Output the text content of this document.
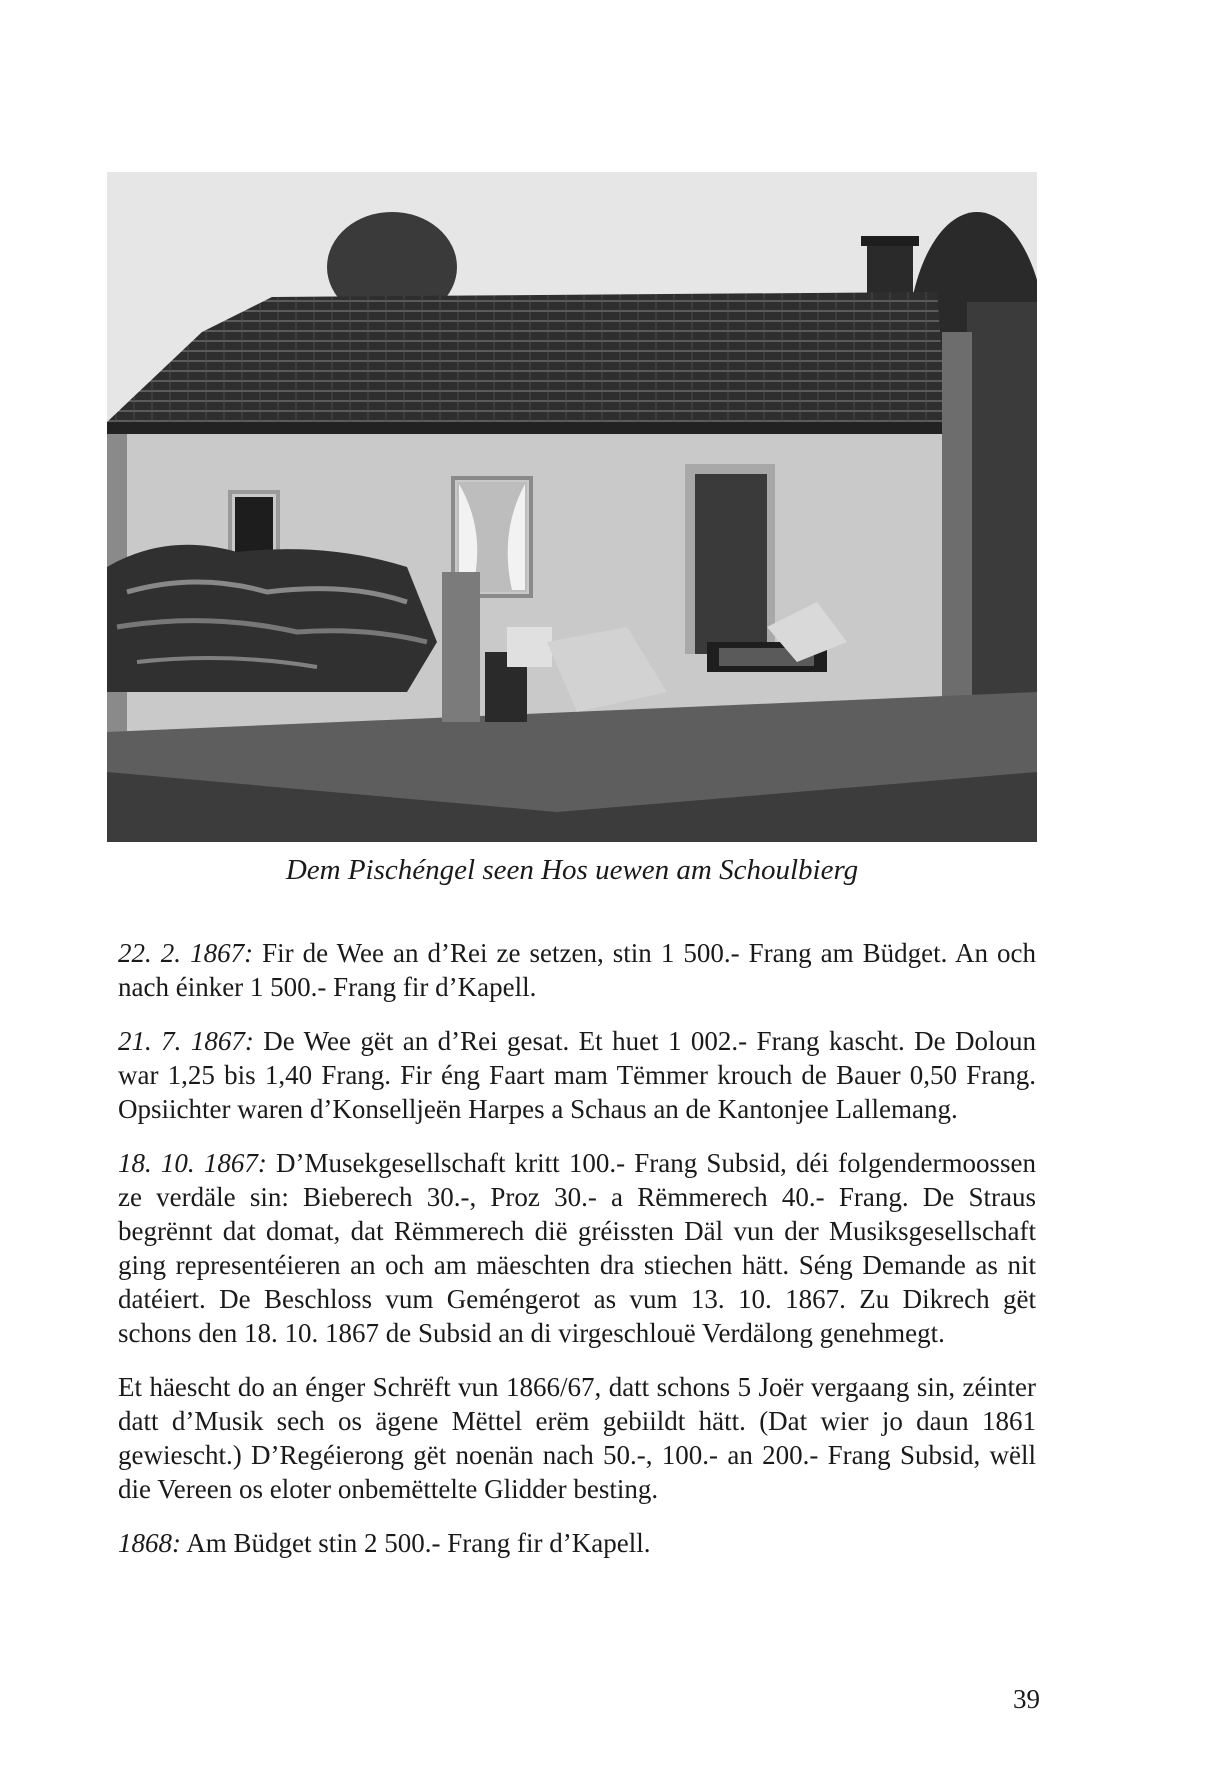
Dem Pischéngel seen Hos uewen am Schoulbierg

22. 2. 1867: Fir de Wee an d’Rei ze setzen, stin 1 500.- Frang am Büdget. An och nach éinker 1 500.- Frang fir d’Kapell.

21. 7. 1867: De Wee gët an d’Rei gesat. Et huet 1 002.- Frang kascht. De Doloun war 1,25 bis 1,40 Frang. Fir éng Faart mam Tëmmer krouch de Bauer 0,50 Frang. Opsiichter waren d’Konselljeën Harpes a Schaus an de Kantonjee Lallemang.

18. 10. 1867: D’Musekgesellschaft kritt 100.- Frang Subsid, déi folgendermoossen ze verdäle sin: Bieberech 30.-, Proz 30.- a Rëmmerech 40.- Frang. De Straus begrënnt dat domat, dat Rëmmerech dië gréissten Däl vun der Musiksgesellschaft ging representéieren an och am mäeschten dra stiechen hätt. Séng Demande as nit datéiert. De Beschloss vum Geméngerot as vum 13. 10. 1867. Zu Dikrech gët schons den 18. 10. 1867 de Subsid an di virgeschlouë Verdälong genehmegt.

Et häescht do an énger Schrëft vun 1866/67, datt schons 5 Joër vergaang sin, zéinter datt d’Musik sech os ägene Mëttel erëm gebiildt hätt. (Dat wier jo daun 1861 gewiescht.) D’Regéierong gët noenän nach 50.-, 100.- an 200.- Frang Subsid, wëll die Vereen os eloter onbemëttelte Glidder besting.

1868: Am Büdget stin 2 500.- Frang fir d’Kapell.

39
